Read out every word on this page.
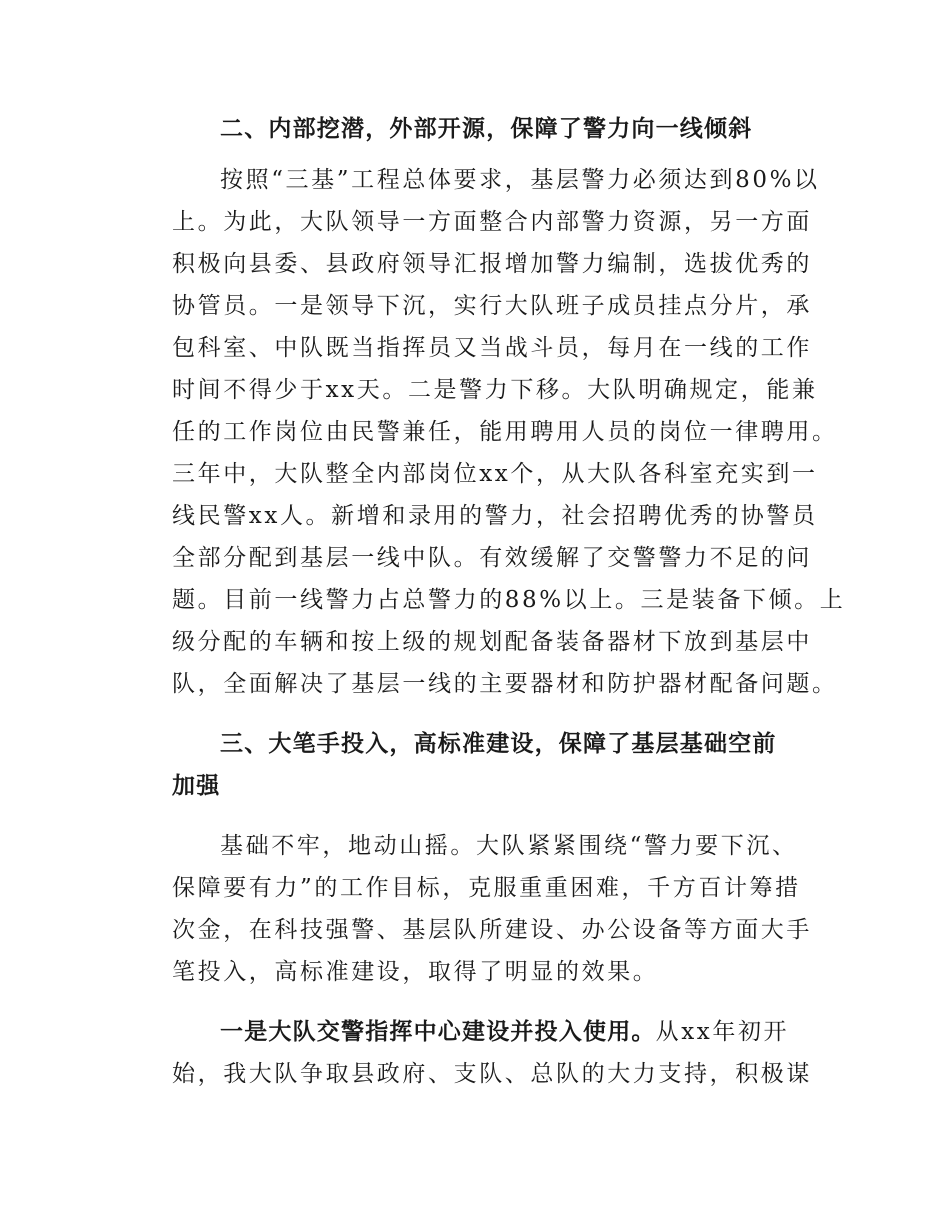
二、内部挖潜，外部开源，保障了警力向一线倾斜
按照“三基”工程总体要求，基层警力必须达到80%以
上。为此，大队领导一方面整合内部警力资源，另一方面
积极向县委、县政府领导汇报增加警力编制，选拔优秀的
协管员。一是领导下沉，实行大队班子成员挂点分片，承
包科室、中队既当指挥员又当战斗员，每月在一线的工作
时间不得少于xx天。二是警力下移。大队明确规定，能兼
任的工作岗位由民警兼任，能用聘用人员的岗位一律聘用。
三年中，大队整全内部岗位xx个，从大队各科室充实到一
线民警xx人。新增和录用的警力，社会招聘优秀的协警员
全部分配到基层一线中队。有效缓解了交警警力不足的问
题。目前一线警力占总警力的88%以上。三是装备下倾。上
级分配的车辆和按上级的规划配备装备器材下放到基层中
队，全面解决了基层一线的主要器材和防护器材配备问题。
三、大笔手投入，高标准建设，保障了基层基础空前
加强
基础不牢，地动山摇。大队紧紧围绕“警力要下沉、
保障要有力”的工作目标，克服重重困难，千方百计筹措
次金，在科技强警、基层队所建设、办公设备等方面大手
笔投入，高标准建设，取得了明显的效果。
一是大队交警指挥中心建设并投入使用。从xx年初开
始，我大队争取县政府、支队、总队的大力支持，积极谋
